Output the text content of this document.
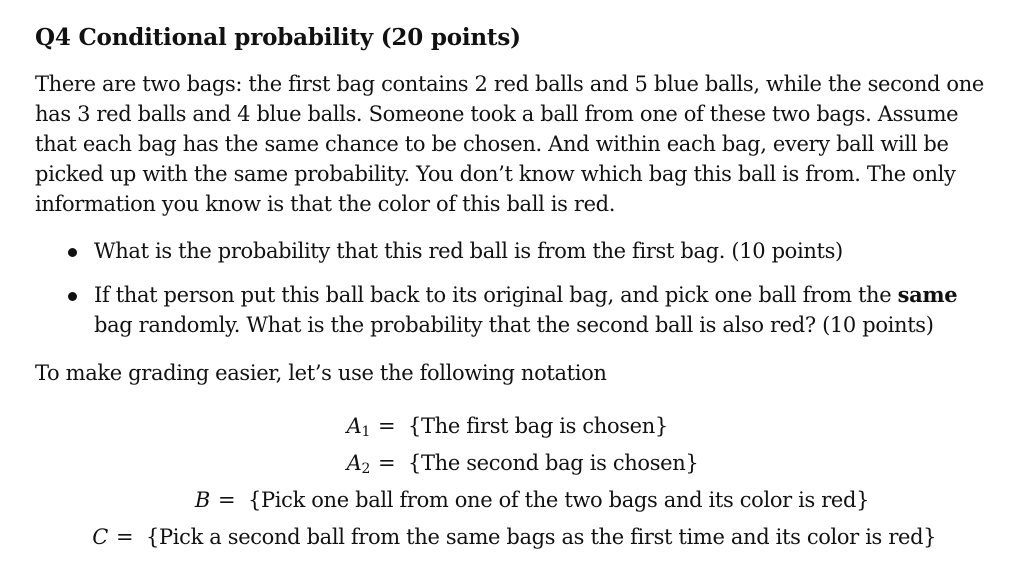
Q4 Conditional probability (20 points)

There are two bags: the first bag contains 2 red balls and 5 blue balls, while the second one
has 3 red balls and 4 blue balls. Someone took a ball from one of these two bags. Assume
that each bag has the same chance to be chosen. And within each bag, every ball will be
picked up with the same probability. You don’t know which bag this ball is from. The only
information you know is that the color of this ball is red.

What is the probability that this red ball is from the first bag. (10 points)
If that person put this ball back to its original bag, and pick one ball from the same
bag randomly. What is the probability that the second ball is also red? (10 points)

To make grading easier, let’s use the following notation

$A_1 = \{The$ first bag is chosen}
$A_2 = \{The$ second bag is chosen}
B = {Pick one ball from one of the two bags and its color is red}
C = {Pick a second ball from the same bags as the first time and its color is red}
